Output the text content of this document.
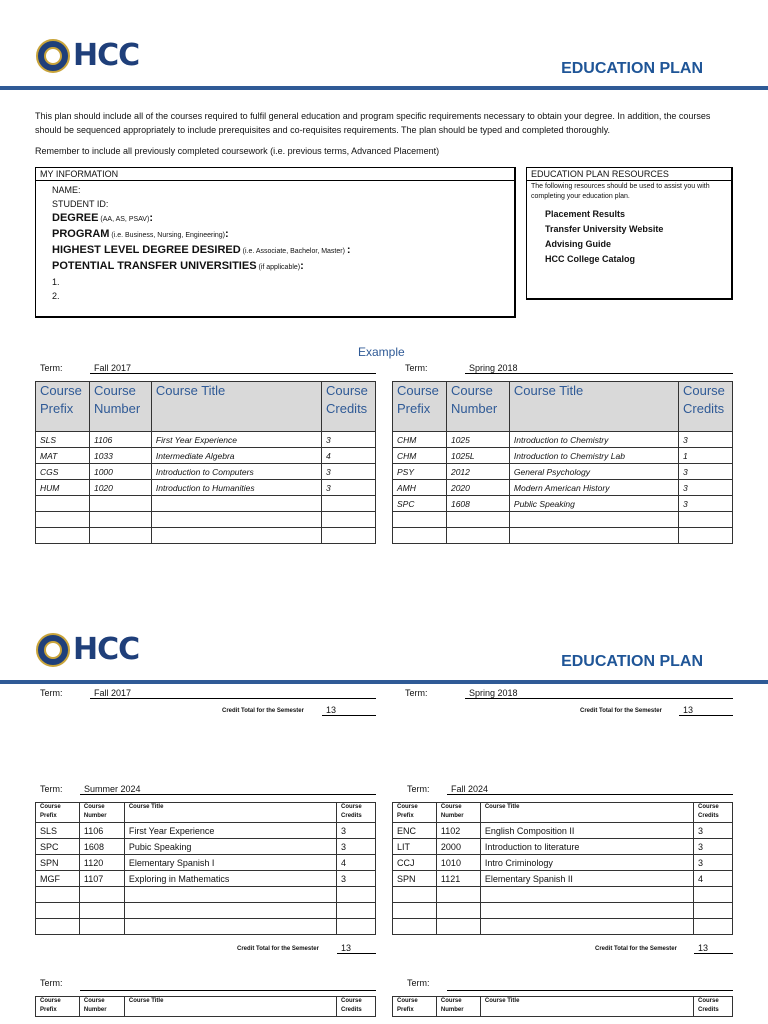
HCC	EDUCATION PLAN
This plan should include all of the courses required to fulfil general education and program specific requirements necessary to obtain your degree. In addition, the courses should be sequenced appropriately to include prerequisites and co-requisites requirements. The plan should be typed and completed thoroughly.
Remember to include all previously completed coursework (i.e. previous terms, Advanced Placement)
MY INFORMATION
NAME:
STUDENT ID:
DEGREE (AA, AS, PSAV):
PROGRAM (i.e. Business, Nursing, Engineering):
HIGHEST LEVEL DEGREE DESIRED (i.e. Associate, Bachelor, Master) :
POTENTIAL TRANSFER UNIVERSITIES (if applicable):
1.
2.
EDUCATION PLAN RESOURCES
The following resources should be used to assist you with completing your education plan.
Placement Results
Transfer University Website
Advising Guide
HCC College Catalog
Example
Term:	Fall 2017	Term:	Spring 2018
Course Prefix	Course Number	Course Title	Course Credits
SLS	1106	First Year Experience	3
MAT	1033	Intermediate Algebra	4
CGS	1000	Introduction to Computers	3
HUM	1020	Introduction to Humanities	3

Course Prefix	Course Number	Course Title	Course Credits
CHM	1025	Introduction to Chemistry	3
CHM	1025L	Introduction to Chemistry Lab	1
PSY	2012	General Psychology	3
AMH	2020	Modern American History	3
SPC	1608	Public Speaking	3

HCC	EDUCATION PLAN
Term:	Fall 2017	Term:	Spring 2018
Credit Total for the Semester	13	Credit Total for the Semester	13
Term:	Summer 2024	Term:	Fall 2024
Course Prefix	Course Number	Course Title	Course Credits
SLS	1106	First Year Experience	3
SPC	1608	Pubic Speaking	3
SPN	1120	Elementary Spanish I	4
MGF	1107	Exploring in Mathematics	3

Course Prefix	Course Number	Course Title	Course Credits
ENC	1102	English Composition II	3
LIT	2000	Introduction to literature	3
CCJ	1010	Intro Criminology	3
SPN	1121	Elementary Spanish II	4

Credit Total for the Semester	13	Credit Total for the Semester	13
Term:	Term:
Course Prefix	Course Number	Course Title	Course Credits
Course Prefix	Course Number	Course Title	Course Credits
